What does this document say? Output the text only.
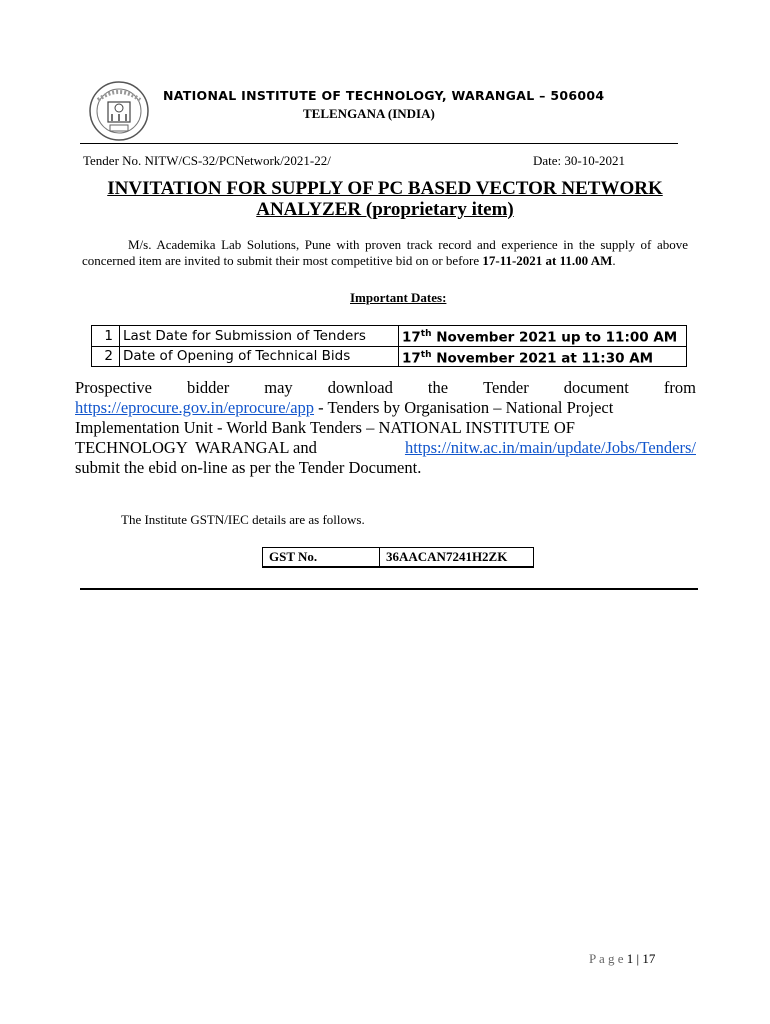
NATIONAL INSTITUTE OF TECHNOLOGY, WARANGAL – 506004
TELENGANA (INDIA)
Tender No. NITW/CS-32/PCNetwork/2021-22/	Date: 30-10-2021
INVITATION FOR SUPPLY OF PC BASED VECTOR NETWORK
ANALYZER (proprietary item)
M/s. Academika Lab Solutions, Pune with proven track record and experience in the supply of above concerned item are invited to submit their most competitive bid on or before 17-11-2021 at 11.00 AM.
Important Dates:
1	Last Date for Submission of Tenders	17th November 2021 up to 11:00 AM
2	Date of Opening of Technical Bids	17th November 2021 at 11:30 AM
Prospective bidder may download the Tender document from
https://eprocure.gov.in/eprocure/app - Tenders by Organisation – National Project
Implementation Unit - World Bank Tenders – NATIONAL INSTITUTE OF
TECHNOLOGY  WARANGAL and	https://nitw.ac.in/main/update/Jobs/Tenders/
submit the ebid on-line as per the Tender Document.
The Institute GSTN/IEC details are as follows.
GST No.	36AACAN7241H2ZK
P a g e 1 | 17
